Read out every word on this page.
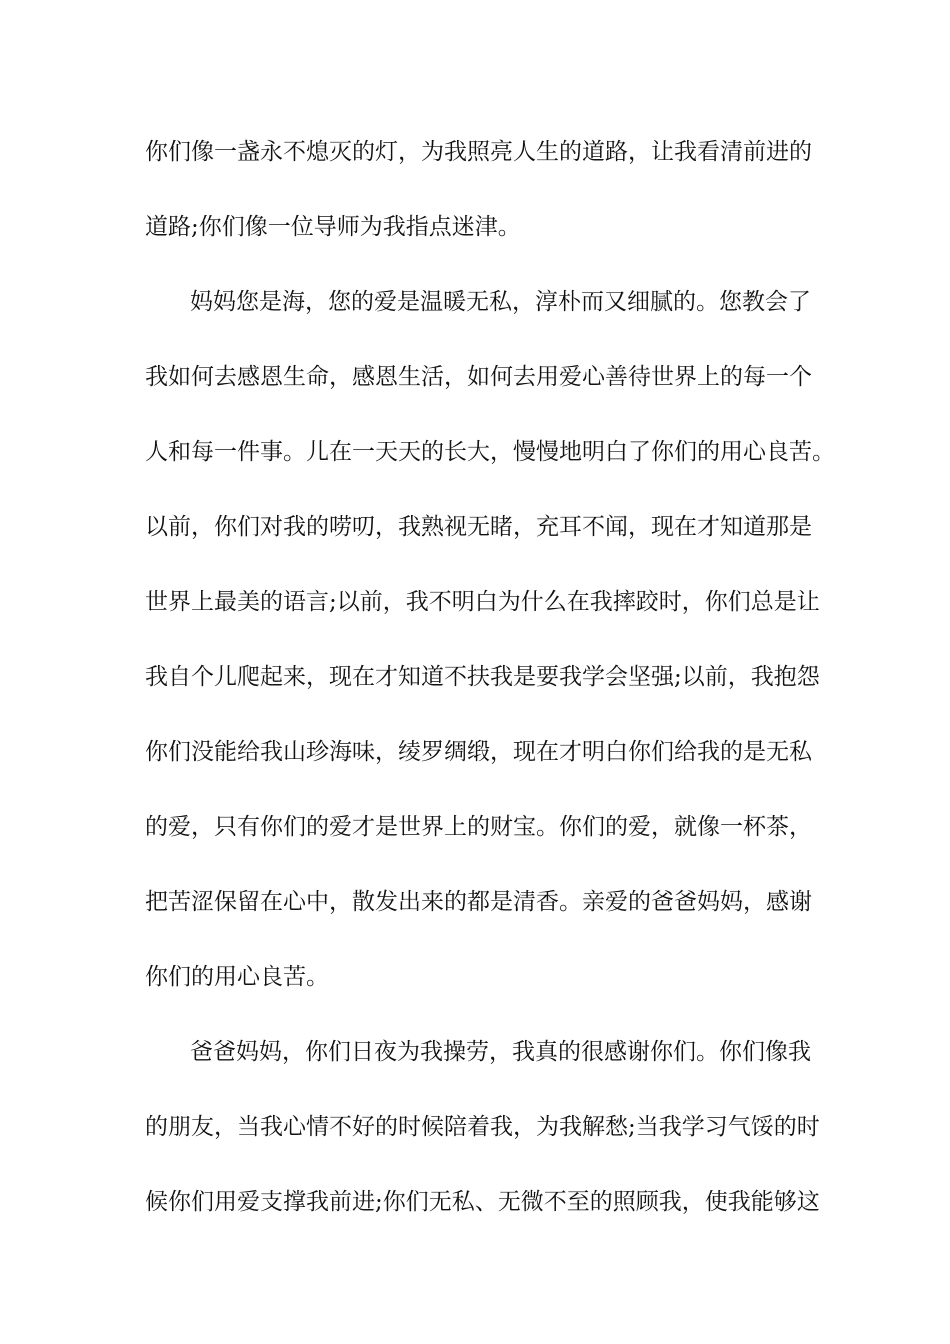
你们像一盏永不熄灭的灯，为我照亮人生的道路，让我看清前进的
道路;你们像一位导师为我指点迷津。
妈妈您是海，您的爱是温暖无私，淳朴而又细腻的。您教会了
我如何去感恩生命，感恩生活，如何去用爱心善待世界上的每一个
人和每一件事。儿在一天天的长大，慢慢地明白了你们的用心良苦。
以前，你们对我的唠叨，我熟视无睹，充耳不闻，现在才知道那是
世界上最美的语言;以前，我不明白为什么在我摔跤时，你们总是让
我自个儿爬起来，现在才知道不扶我是要我学会坚强;以前，我抱怨
你们没能给我山珍海味，绫罗绸缎，现在才明白你们给我的是无私
的爱，只有你们的爱才是世界上的财宝。你们的爱，就像一杯茶，
把苦涩保留在心中，散发出来的都是清香。亲爱的爸爸妈妈，感谢
你们的用心良苦。
爸爸妈妈，你们日夜为我操劳，我真的很感谢你们。你们像我
的朋友，当我心情不好的时候陪着我，为我解愁;当我学习气馁的时
候你们用爱支撑我前进;你们无私、无微不至的照顾我，使我能够这
